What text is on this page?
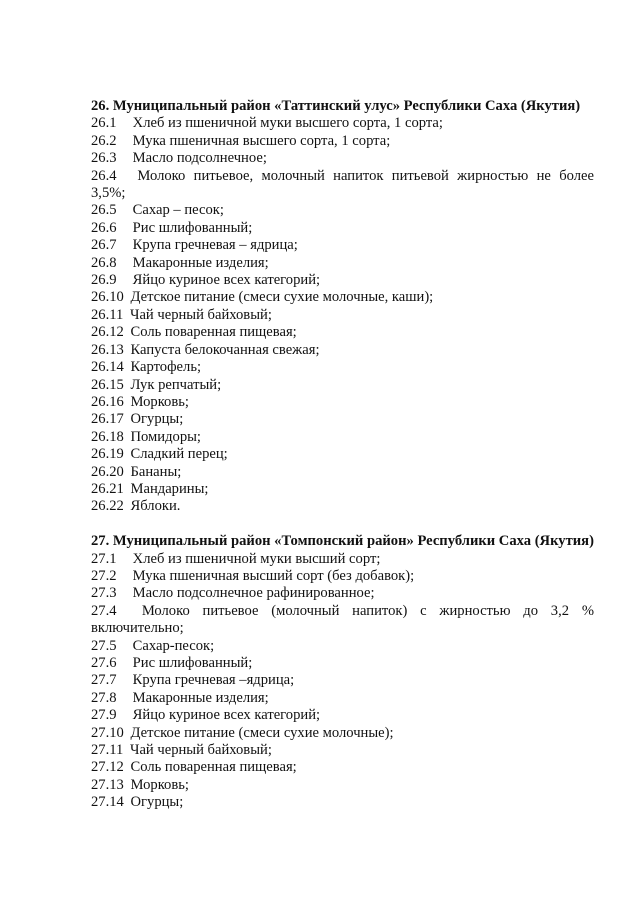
26. Муниципальный район «Таттинский улус» Республики Саха (Якутия)

26.1 Хлеб из пшеничной муки высшего сорта, 1 сорта;

26.2 Мука пшеничная высшего сорта, 1 сорта;

26.3 Масло подсолнечное;

26.4 Молоко питьевое, молочный напиток питьевой жирностью не более 3,5%;

26.5 Сахар – песок;

26.6 Рис шлифованный;

26.7 Крупа гречневая – ядрица;

26.8 Макаронные изделия;

26.9 Яйцо куриное всех категорий;

26.10 Детское питание (смеси сухие молочные, каши);

26.11 Чай черный байховый;

26.12 Соль поваренная пищевая;

26.13 Капуста белокочанная свежая;

26.14 Картофель;

26.15 Лук репчатый;

26.16 Морковь;

26.17 Огурцы;

26.18 Помидоры;

26.19 Сладкий перец;

26.20 Бананы;

26.21 Мандарины;

26.22 Яблоки.

27. Муниципальный район «Томпонский район» Республики Саха (Якутия)

27.1 Хлеб из пшеничной муки высший сорт;

27.2 Мука пшеничная высший сорт (без добавок);

27.3 Масло подсолнечное рафинированное;

27.4 Молоко питьевое (молочный напиток) с жирностью до 3,2 % включительно;

27.5 Сахар-песок;

27.6 Рис шлифованный;

27.7 Крупа гречневая –ядрица;

27.8 Макаронные изделия;

27.9 Яйцо куриное всех категорий;

27.10 Детское питание (смеси сухие молочные);

27.11 Чай черный байховый;

27.12 Соль поваренная пищевая;

27.13 Морковь;

27.14 Огурцы;
